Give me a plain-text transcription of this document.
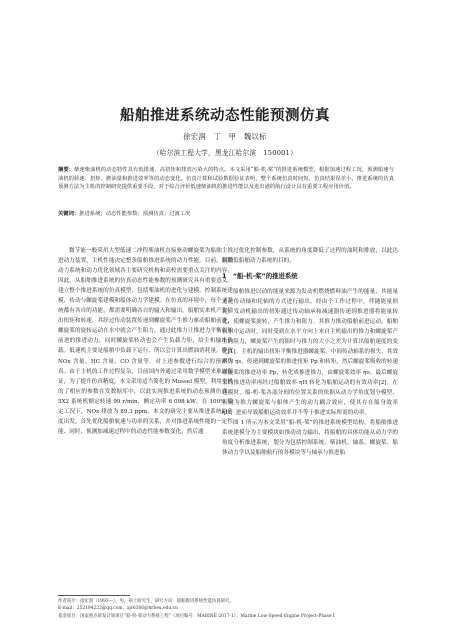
船舶推进系统动态性能预测仿真
徐宏润　丁　甲　魏以标
（哈尔滨工程大学，黑龙江哈尔滨　150001）
摘要：柴速柴油机的动态特性具有低排速、高扭矩和排放污染大的特点。本文采用“船-机-桨”的推进系统模型，根据加速过程工况，预测船速与油机的转速、扭矩、燃油量和推进效率等的动态变化。仿真计算和试验数据验证表明，整个系统仿真时间短，仿真结果误差小。推进系统的仿真预测方法为主机的控制研究提供重要手段，对于综合评价低速柴油机的推进性能以及进出港的航行设计具有重要工程应用价值。
关键词：推进系统；动态性能参数；预测仿真；过渡工况

微节能一般采用大型低速二冲程柴油机直接驱动螺旋桨为船舶主推进动力装置，主机性能决定整条船舶推进系统的动力性能。目前，船舶动力系统和动力优化领域各主要研究机构和高校需要重点关注的内容，因此，从船舶推进系统的仿真动态性能参数的预测研究具有重要意义。建立整个推进系统的仿真模型，包括柴油机的进化与建模，控制系统建模，传动与螺旋桨建模和船体动力学建模。在仿真的环境中，每个子系统都有各自的功能，都需要明确各自的输入和输出。船舶实来机产生输出扭矩和转速，其经过传动装置传递到螺旋桨产生推力驱动船舶前进，螺旋桨的旋转运动在水中就会产生阻力，通过此推力让推进力平衡船舶前进的推进动力，同时螺旋桨转动也会产生负载力矩，给主机输出负载。低速机主要是船舶中负载下运行，所以会计算出燃油消耗量，排放 NOx 含量、HC 含量、CO 含量等。对上述参数进行综合的预测仿真。由于主机的工作过程复杂，目前国内外通过采用数学模型来难以保证，为了提升仿真精度，本文采用适当简化的 Mussel 模型，利用主机的了相应的参数在发数据库中，以此实现推进系统的动态预测仿真。5X2 系统机额定转速 99 r/min，额定功率 6 098 kW，在 100% 稳定工况下，NOx 排放为 89.3 ppm。本文的研究主要从推进系统的角度出发，首先优化船舶航速与功率的关系，并对推进系统性能的一定性能、同时，预测加减速过程中的动态性能参数变化，然后通

过优化控制参数，从系统的角度降低了过程的油耗和排放，以此达到降低船舶动力系统的目的。

1　“船-机-桨”的推进系统

船舶推进以动的能量来源为发动机燃烧燃料油产生的能量，其能量通过传动轴和轮轴的方式进行输出，经由个工作过程中，伴随能量损耗。发动机输出的扭矩通过传动轴承和减速器传递到推进器将能量转化，使螺旋桨旋转，产生推力和阻力。其推力推动船舶前进运动。船舶在水中运动时，同时受到在水平方向上来自主机输出的推力和螺旋桨产生的阻力，螺旋桨产生的阻时与推力的大小之差为计算出船舶速度的变化[1]。主机的输出扭矩平衡推进器螺旋桨，中间传动轴系的损失，其效率为 ηs，传递到螺旋桨的推进扭矩 Pp 和转矩，然后螺旋桨吸收的转速螺旋桨的推进功率 Pp，转化成推进推力，由螺旋桨效率 ηo。最后螺旋桨的推进功率再经过船舶效率 ηH 转化为船舶运动的有效功率[2]。在建模时，船-机-桨各部分间的位置关系的依据从动力学角度划分模型，表现为推力螺旋桨与船体产生的动力耦合效应，使其存在船身效率 ηH，进而导致船舶运动效率并不等于推进实际所需的功率。

图 1 所示为本文采用“船-机-桨”的推进系统模型结构，将船舶推进系统建模分为主要模块如推动动力输出，将船舶的具体功能从动力学的角度分析推进系统，划分为包括控制系统、柴油机、轴系、螺旋桨、船体动力学以及船舶航行的各模块等与轴承与推进船

作者简介：徐宏润（1993—），男，硕士研究生，研究方向：船舶推进系统性能仿真研究。
E-mail：252194222@qq.com；xjr6306@hrbeu.edu.cn
基金项目：国家重点研发计划项目“船-机-桨动力系统工程”（项目编号：MARINE 2017-1）；Marine Low-Speed Engine Project-Phase Ⅰ
